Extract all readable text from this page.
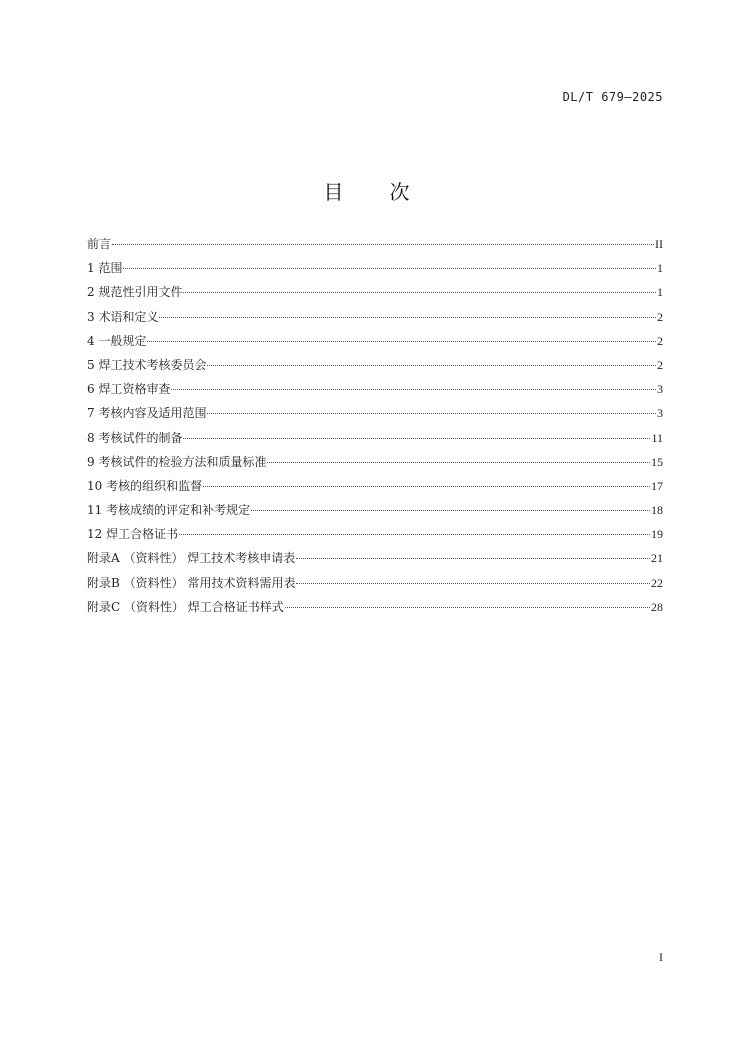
DL/T 679—2025
目 次
前言	II
1 范围	1
2 规范性引用文件	1
3 术语和定义	2
4 一般规定	2
5 焊工技术考核委员会	2
6 焊工资格审查	3
7 考核内容及适用范围	3
8 考核试件的制备	11
9 考核试件的检验方法和质量标准	15
10 考核的组织和监督	17
11 考核成绩的评定和补考规定	18
12 焊工合格证书	19
附录A （资料性） 焊工技术考核申请表	21
附录B （资料性） 常用技术资料需用表	22
附录C （资料性） 焊工合格证书样式	28
I
